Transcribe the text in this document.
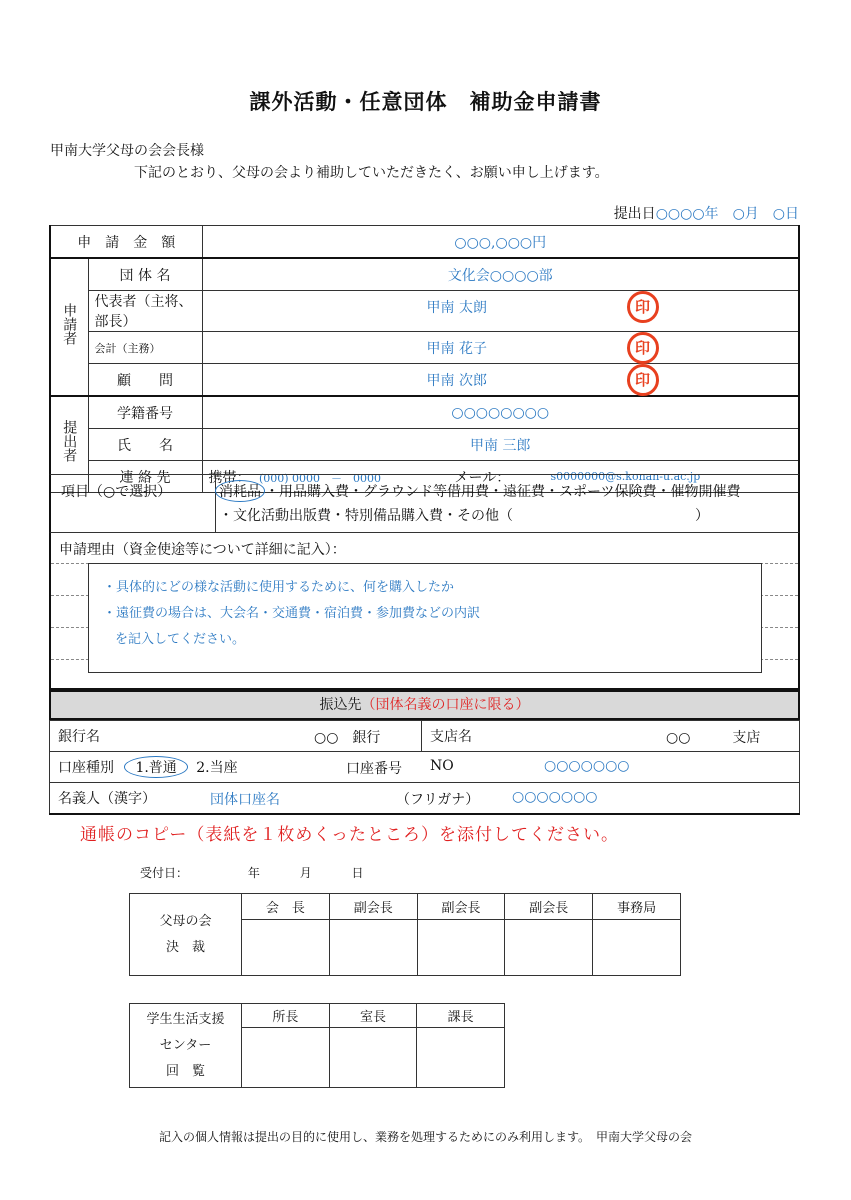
課外活動・任意団体　補助金申請書
甲南大学父母の会会長様
下記のとおり、父母の会より補助していただきたく、お願い申し上げます。
提出日○○○○年　 ○月　 ○日
申　請　金　額		○○○,○○○円
申請者	団 体 名	文化会○○○○部
	代表者（主将、部長）	甲南 太朗 印

	会計（主務）	甲南 花子 印

	顧　　問	甲南 次郎 印

提出者	学籍番号	○○○○○○○○
	氏　　名	甲南 三郎
	連 絡 先	携帯： (000) 0000　－　0000 メール： s0000000@s.konan-u.ac.jp
項目（○で選択）	消耗品 ・用品購入費・グラウンド等借用費・遠征費・スポーツ保険費・催物開催費
・文化活動出版費・特別備品購入費・その他（　　　　　　　　　　　　　）
申請理由（資金使途等について詳細に記入）：
・具体的にどの様な活動に使用するために、何を購入したか
・遠征費の場合は、大会名・交通費・宿泊費・参加費などの内訳
を記入してください。
振込先（団体名義の口座に限る）
銀行名	○○　銀行	支店名	○○　　　支店

口座種別 1.普通 2.当座	口座番号 NO	○○○○○○○

名義人（漢字）	団体口座名	（フリガナ） ○○○○○○○
通帳のコピー（表紙を１枚めくったところ）を添付してください。
受付日：	年	月	日
父母の会
決　裁	会　長	副会長	副会長	副会長	事務局

学生生活支援
センター
回　覧	所長	室長	課長

記入の個人情報は提出の目的に使用し、業務を処理するためにのみ利用します。　甲南大学父母の会
